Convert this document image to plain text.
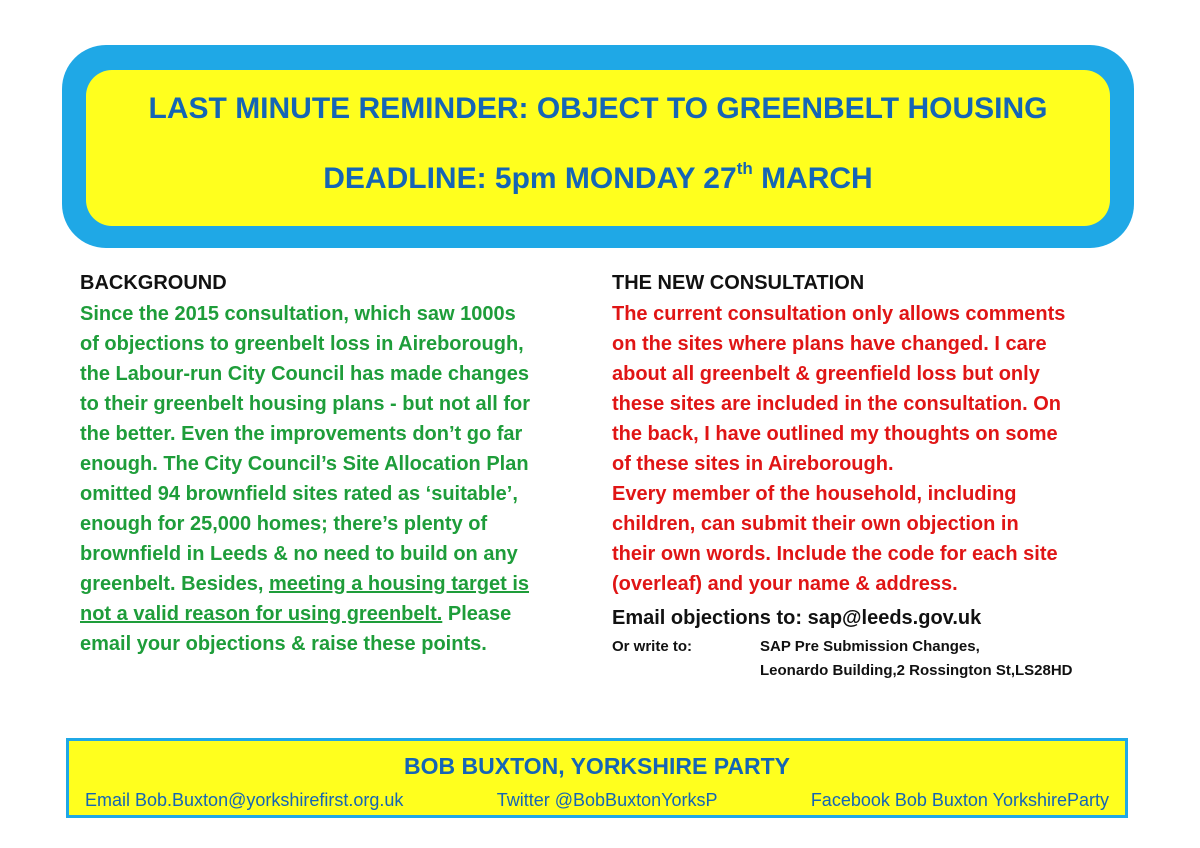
LAST MINUTE REMINDER: OBJECT TO GREENBELT HOUSING
DEADLINE: 5pm MONDAY 27th MARCH
BACKGROUND
Since the 2015 consultation, which saw 1000s
of objections to greenbelt loss in Aireborough,
the Labour-run City Council has made changes
to their greenbelt housing plans - but not all for
the better. Even the improvements don’t go far
enough. The City Council’s Site Allocation Plan
omitted 94 brownfield sites rated as ‘suitable’,
enough for 25,000 homes; there’s plenty of
brownfield in Leeds & no need to build on any
greenbelt. Besides, meeting a housing target is
not a valid reason for using greenbelt. Please
email your objections & raise these points.
THE NEW CONSULTATION
The current consultation only allows comments
on the sites where plans have changed. I care
about all greenbelt & greenfield loss but only
these sites are included in the consultation. On
the back, I have outlined my thoughts on some
of these sites in Aireborough.
Every member of the household, including
children, can submit their own objection in
their own words. Include the code for each site
(overleaf) and your name & address.
Email objections to: sap@leeds.gov.uk
Or write to:	SAP Pre Submission Changes,
Leonardo Building,2 Rossington St,LS28HD
BOB BUXTON, YORKSHIRE PARTY
Email Bob.Buxton@yorkshirefirst.org.uk	Twitter @BobBuxtonYorksP	Facebook Bob Buxton YorkshireParty
